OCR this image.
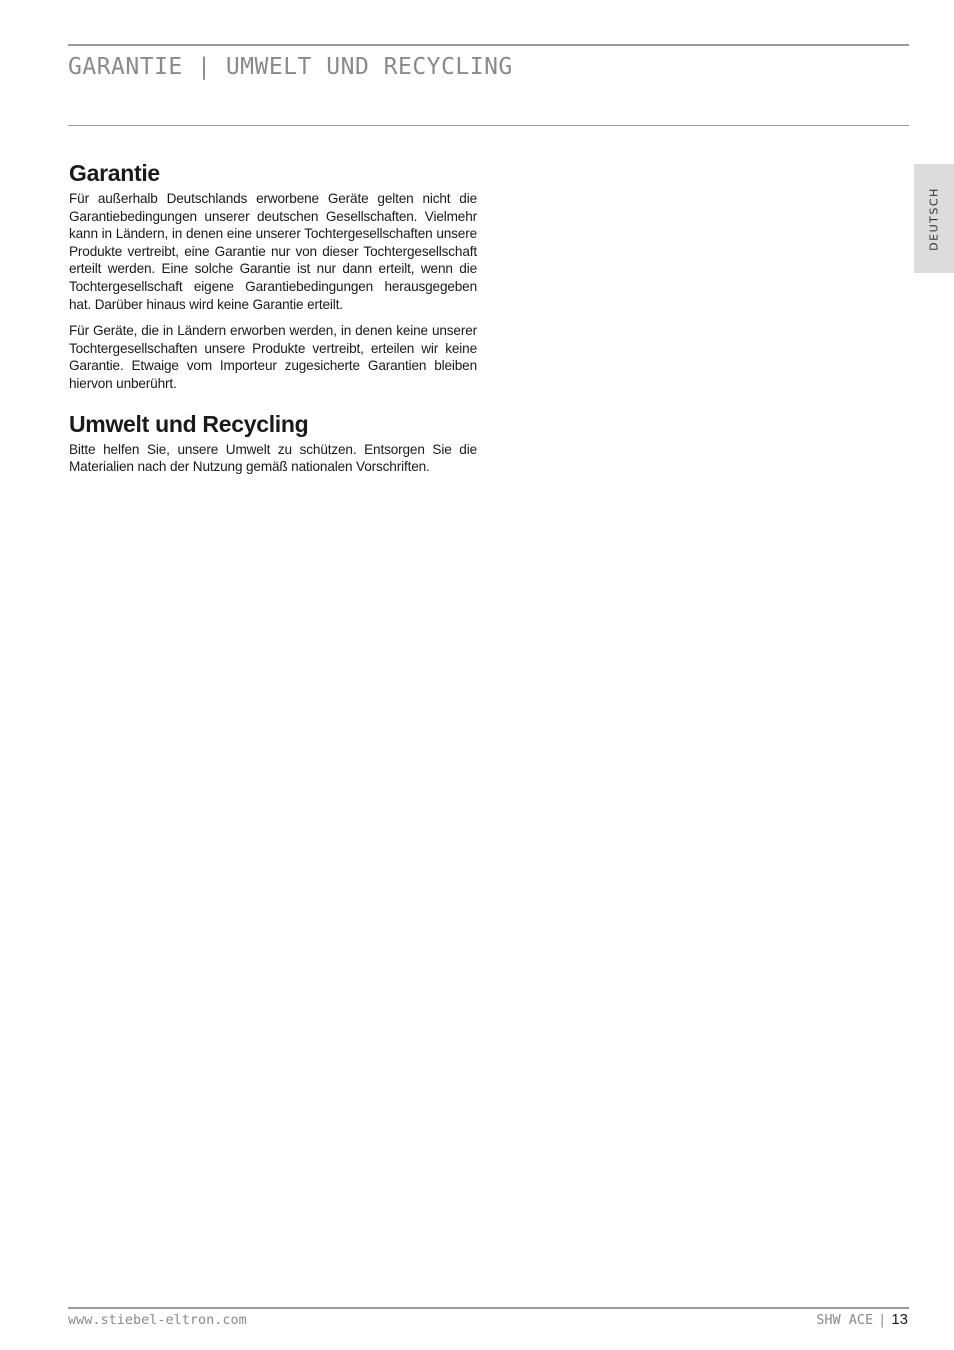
GARANTIE | UMWELT UND RECYCLING
DEUTSCH
Garantie

Für außerhalb Deutschlands erworbene Geräte gelten nicht die Garantiebedingungen unserer deutschen Gesellschaften. Vielmehr kann in Ländern, in denen eine unserer Tochtergesellschaften unsere Produkte vertreibt, eine Garantie nur von dieser Tochtergesellschaft erteilt werden. Eine solche Garantie ist nur dann erteilt, wenn die Tochtergesellschaft eigene Garantiebedingungen herausgegeben hat. Darüber hinaus wird keine Garantie erteilt.

Für Geräte, die in Ländern erworben werden, in denen keine unserer Tochtergesellschaften unsere Produkte vertreibt, erteilen wir keine Garantie. Etwaige vom Importeur zugesicherte Garantien bleiben hiervon unberührt.

Umwelt und Recycling

Bitte helfen Sie, unsere Umwelt zu schützen. Entsorgen Sie die Materialien nach der Nutzung gemäß nationalen Vorschriften.

www.stiebel-eltron.com	SHW ACE | 13
